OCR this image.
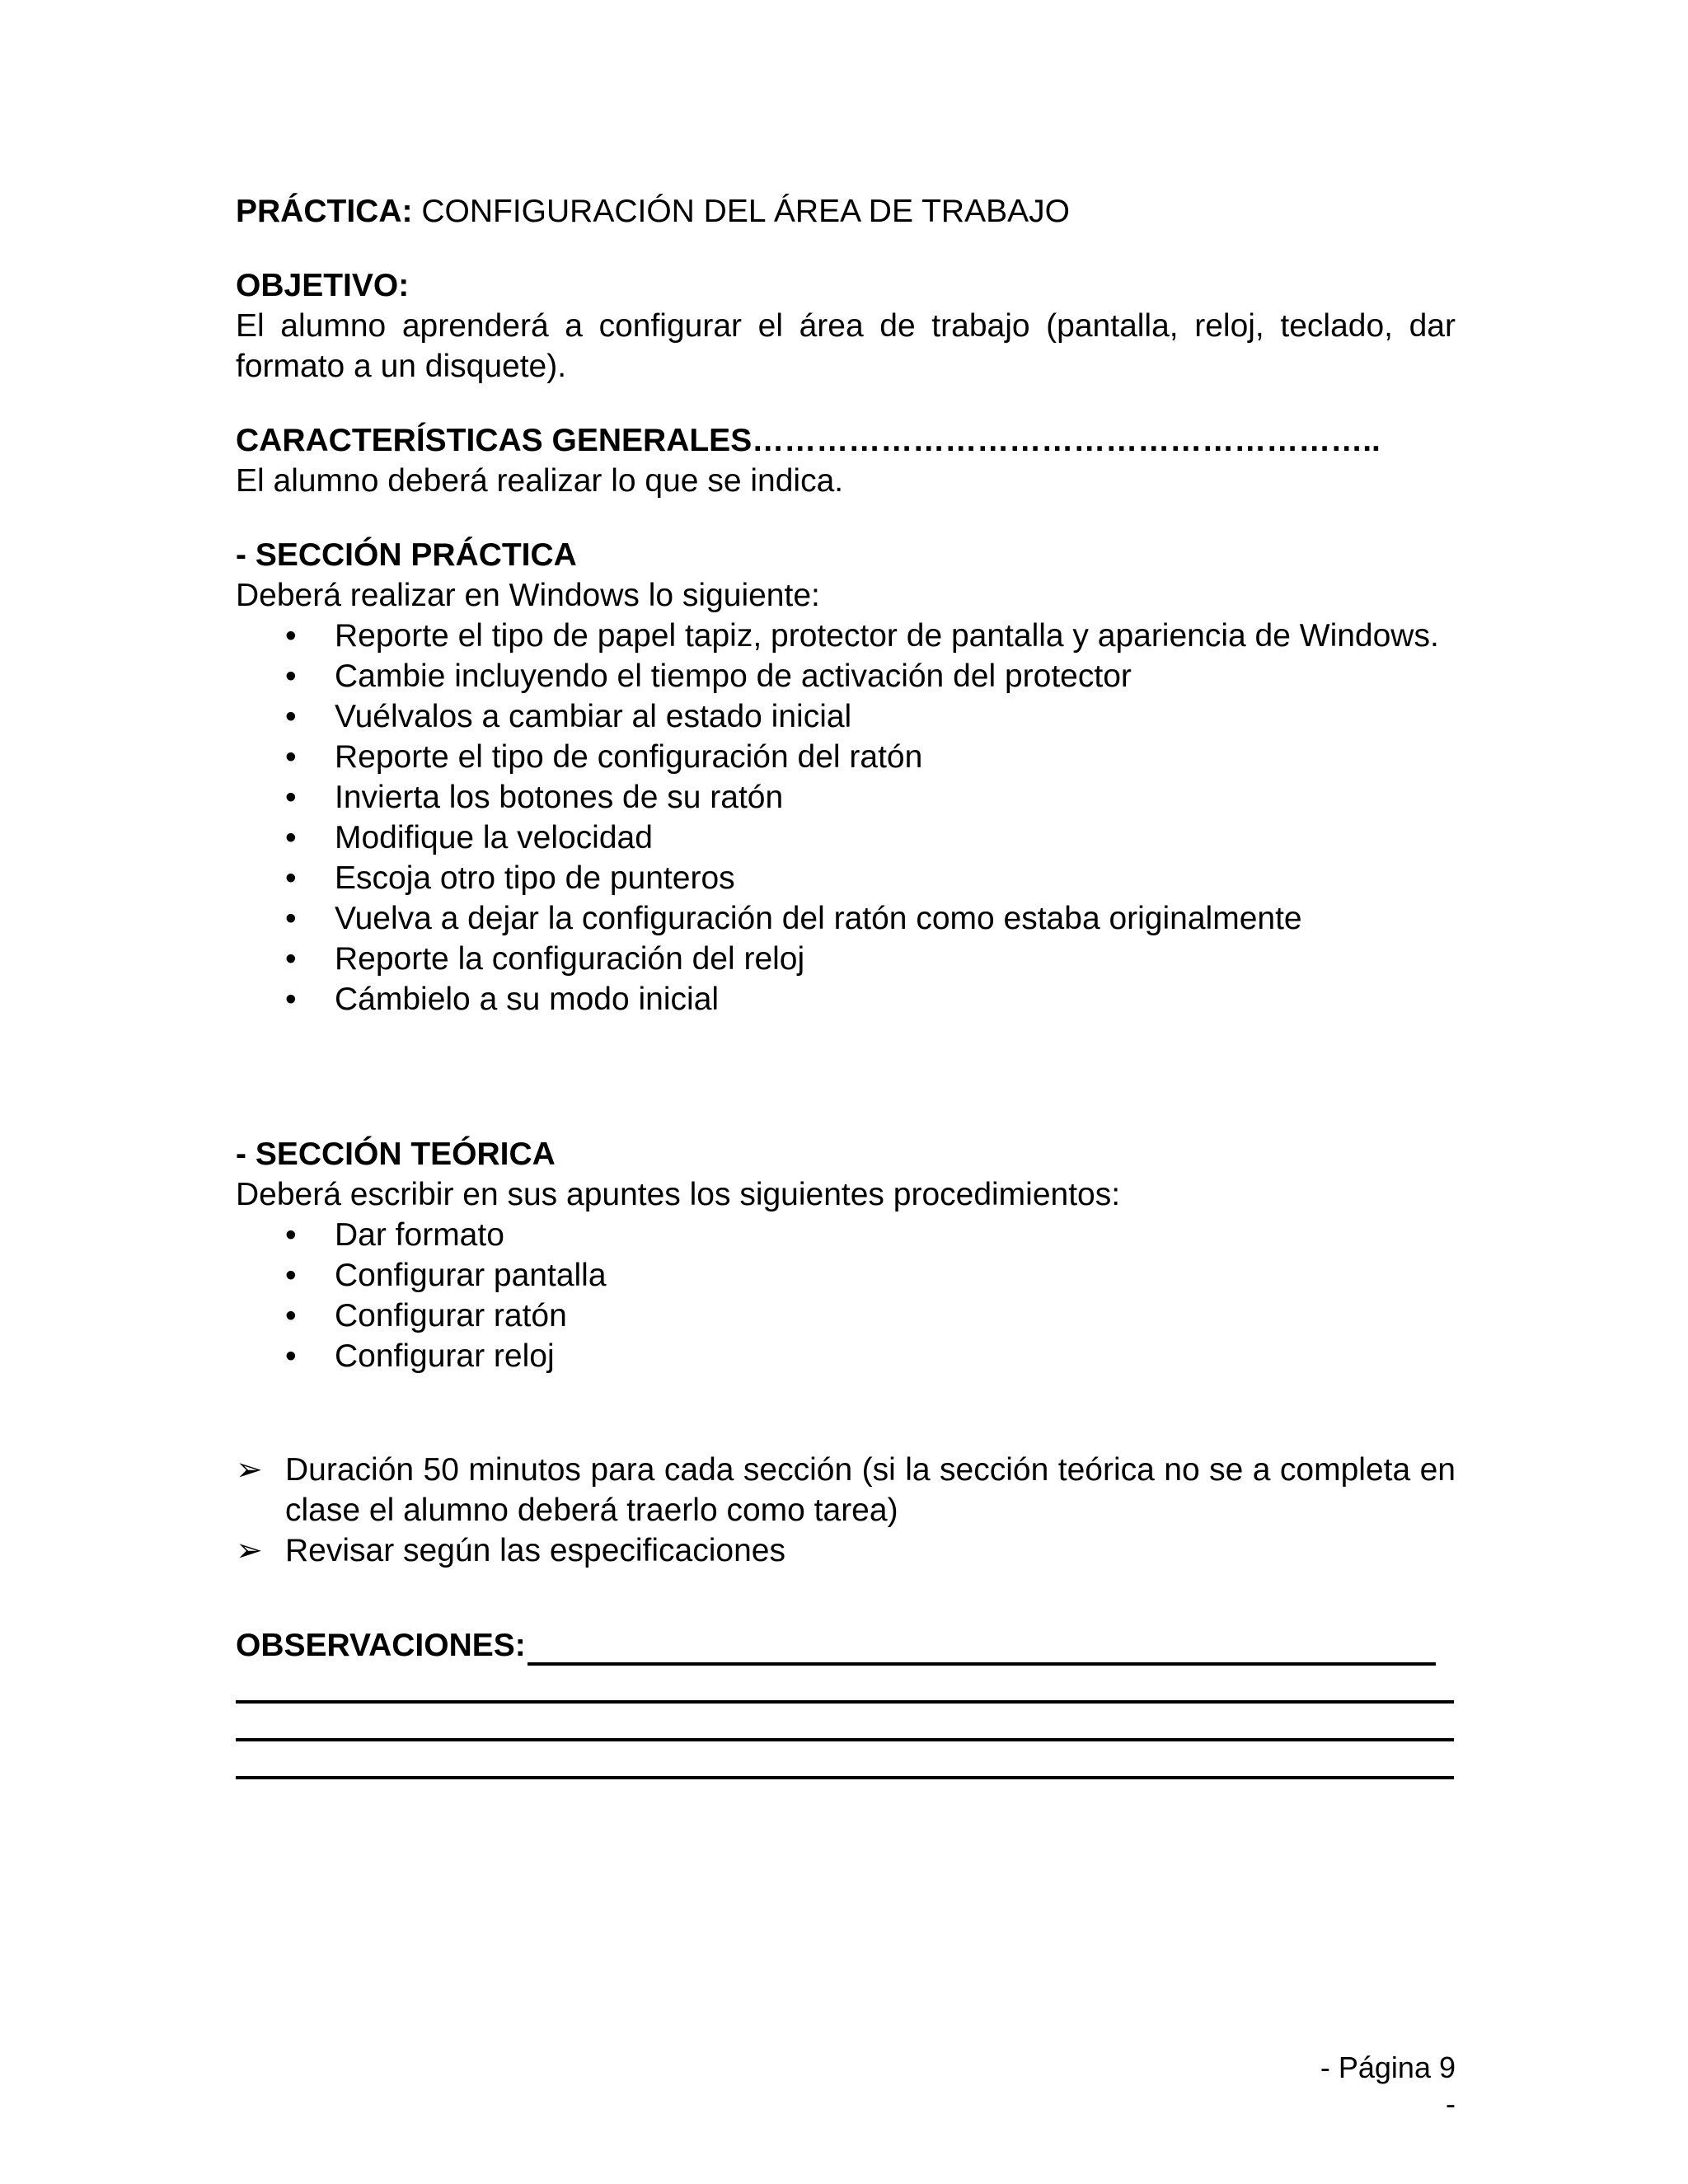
PRÁCTICA: CONFIGURACIÓN DEL ÁREA DE TRABAJO
OBJETIVO:
El alumno aprenderá a configurar el área de trabajo (pantalla, reloj, teclado, dar formato a un disquete).
CARACTERÍSTICAS GENERALES…………………………………………………..
El alumno deberá realizar lo que se indica.
- SECCIÓN PRÁCTICA
Deberá realizar en Windows lo siguiente:
•	Reporte el tipo de papel tapiz, protector de pantalla y apariencia de Windows.
•	Cambie incluyendo el tiempo de activación del protector
•	Vuélvalos a cambiar al estado inicial
•	Reporte el tipo de configuración del ratón
•	Invierta los botones de su ratón
•	Modifique la velocidad
•	Escoja otro tipo de punteros
•	Vuelva a dejar la configuración del ratón como estaba originalmente
•	Reporte la configuración del reloj
•	Cámbielo a su modo inicial
- SECCIÓN TEÓRICA
Deberá escribir en sus apuntes los siguientes procedimientos:
•	Dar formato
•	Configurar pantalla
•	Configurar ratón
•	Configurar reloj
➢ Duración 50 minutos para cada sección (si la sección teórica no se a completa en clase el alumno deberá traerlo como tarea)
➢ Revisar según las especificaciones
OBSERVACIONES:
- Página 9 -
